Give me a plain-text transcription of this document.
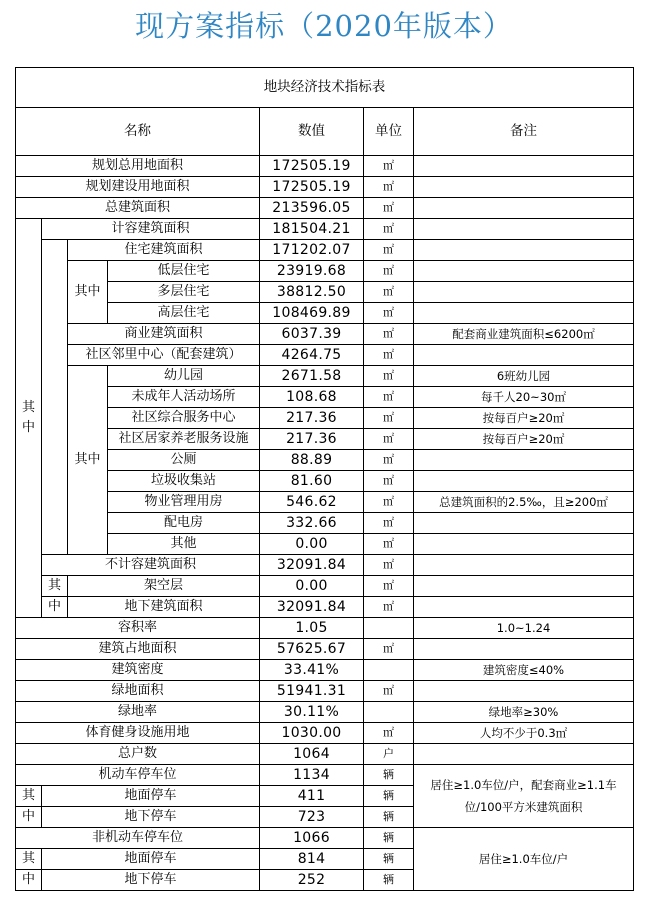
现方案指标（2020年版本）
地块经济技术指标表						
名称				数值	单位	备注
规划总用地面积				172505.19	㎡	
规划建设用地面积				172505.19	㎡	
总建筑面积				213596.05	㎡	
其
中	计容建筑面积			181504.21	㎡	
		住宅建筑面积		171202.07	㎡	
		其中	低层住宅	23919.68	㎡	
			多层住宅	38812.50	㎡	
			高层住宅	108469.89	㎡	
		商业建筑面积		6037.39	㎡	配套商业建筑面积≤6200㎡
		社区邻里中心（配套建筑）		4264.75	㎡	
		其中	幼儿园	2671.58	㎡	6班幼儿园
			未成年人活动场所	108.68	㎡	每千人20~30㎡
			社区综合服务中心	217.36	㎡	按每百户≥20㎡
			社区居家养老服务设施	217.36	㎡	按每百户≥20㎡
			公厕	88.89	㎡	
			垃圾收集站	81.60	㎡	
			物业管理用房	546.62	㎡	总建筑面积的2.5‰，且≥200㎡
			配电房	332.66	㎡	
			其他	0.00	㎡	
	不计容建筑面积			32091.84	㎡	
	其	架空层		0.00	㎡	
	中	地下建筑面积		32091.84	㎡	
容积率				1.05		1.0~1.24
建筑占地面积				57625.67	㎡	
建筑密度				33.41%		建筑密度≤40%
绿地面积				51941.31	㎡	
绿地率				30.11%		绿地率≥30%
体育健身设施用地				1030.00	㎡	人均不少于0.3㎡
总户数				1064	户	
机动车停车位				1134	辆	居住≥1.0车位/户，配套商业≥1.1车位/100平方米建筑面积
其	地面停车			411	辆	
中	地下停车			723	辆	
非机动车停车位				1066	辆	居住≥1.0车位/户
其	地面停车			814	辆	
中	地下停车			252	辆	
